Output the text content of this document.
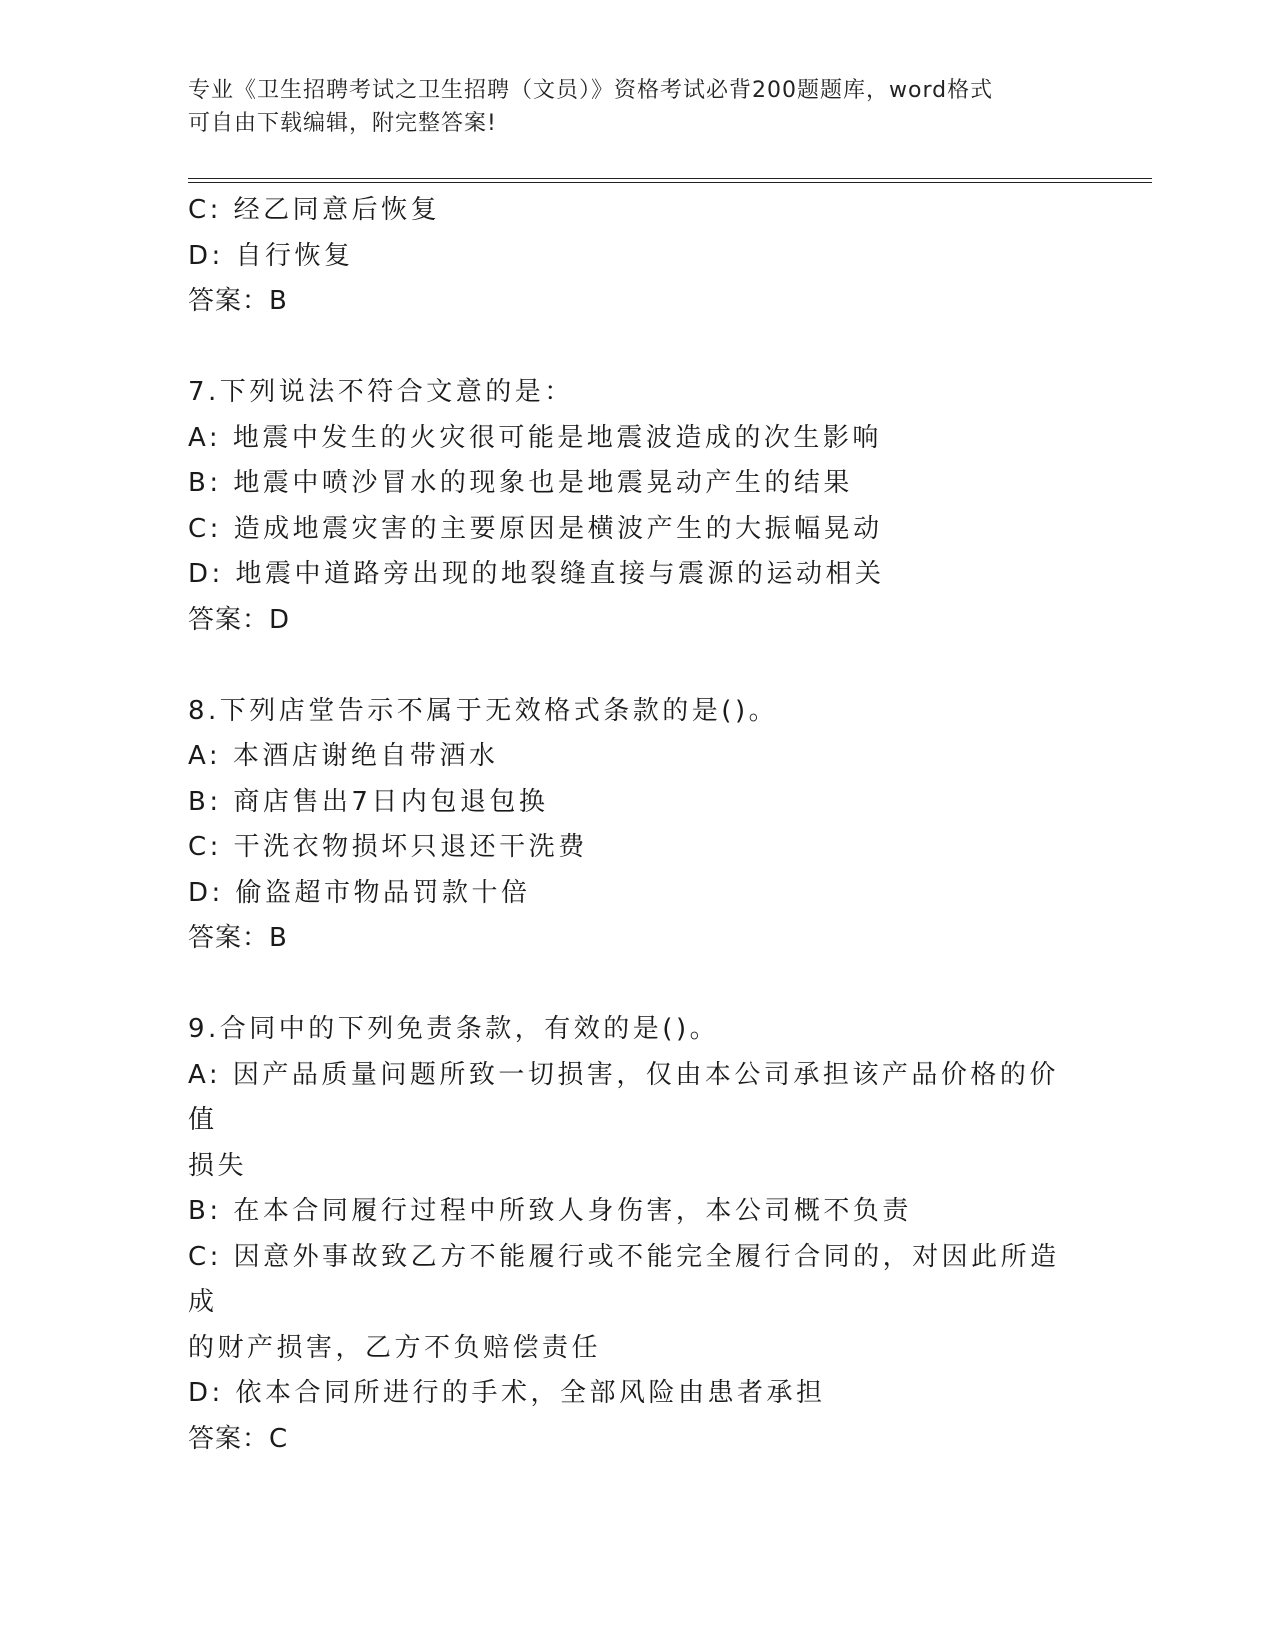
专业《卫生招聘考试之卫生招聘（文员）》资格考试必背200题题库，word格式
可自由下载编辑，附完整答案!
C: 经乙同意后恢复
D: 自行恢复
答案：B
7.下列说法不符合文意的是：
A: 地震中发生的火灾很可能是地震波造成的次生影响
B: 地震中喷沙冒水的现象也是地震晃动产生的结果
C: 造成地震灾害的主要原因是横波产生的大振幅晃动
D: 地震中道路旁出现的地裂缝直接与震源的运动相关
答案：D
8.下列店堂告示不属于无效格式条款的是()。
A: 本酒店谢绝自带酒水
B: 商店售出7日内包退包换
C: 干洗衣物损坏只退还干洗费
D: 偷盗超市物品罚款十倍
答案：B
9.合同中的下列免责条款，有效的是()。
A: 因产品质量问题所致一切损害，仅由本公司承担该产品价格的价值
损失
B: 在本合同履行过程中所致人身伤害，本公司概不负责
C: 因意外事故致乙方不能履行或不能完全履行合同的，对因此所造成
的财产损害，乙方不负赔偿责任
D: 依本合同所进行的手术，全部风险由患者承担
答案：C
